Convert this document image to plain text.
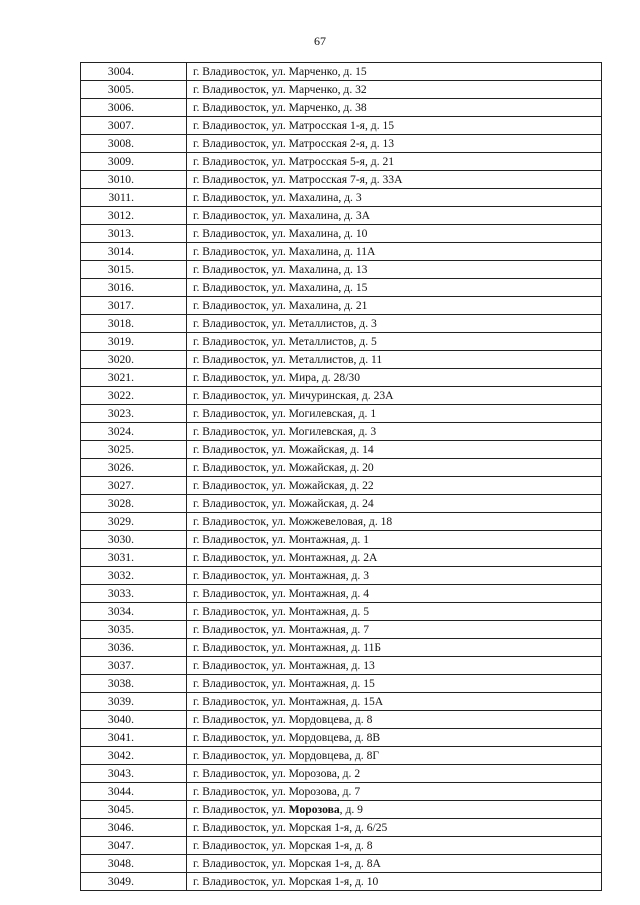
67
3004.	г. Владивосток, ул. Марченко, д. 15
3005.	г. Владивосток, ул. Марченко, д. 32
3006.	г. Владивосток, ул. Марченко, д. 38
3007.	г. Владивосток, ул. Матросская 1-я, д. 15
3008.	г. Владивосток, ул. Матросская 2-я, д. 13
3009.	г. Владивосток, ул. Матросская 5-я, д. 21
3010.	г. Владивосток, ул. Матросская 7-я, д. 33А
3011.	г. Владивосток, ул. Махалина, д. 3
3012.	г. Владивосток, ул. Махалина, д. 3А
3013.	г. Владивосток, ул. Махалина, д. 10
3014.	г. Владивосток, ул. Махалина, д. 11А
3015.	г. Владивосток, ул. Махалина, д. 13
3016.	г. Владивосток, ул. Махалина, д. 15
3017.	г. Владивосток, ул. Махалина, д. 21
3018.	г. Владивосток, ул. Металлистов, д. 3
3019.	г. Владивосток, ул. Металлистов, д. 5
3020.	г. Владивосток, ул. Металлистов, д. 11
3021.	г. Владивосток, ул. Мира, д. 28/30
3022.	г. Владивосток, ул. Мичуринская, д. 23А
3023.	г. Владивосток, ул. Могилевская, д. 1
3024.	г. Владивосток, ул. Могилевская, д. 3
3025.	г. Владивосток, ул. Можайская, д. 14
3026.	г. Владивосток, ул. Можайская, д. 20
3027.	г. Владивосток, ул. Можайская, д. 22
3028.	г. Владивосток, ул. Можайская, д. 24
3029.	г. Владивосток, ул. Можжевеловая, д. 18
3030.	г. Владивосток, ул. Монтажная, д. 1
3031.	г. Владивосток, ул. Монтажная, д. 2А
3032.	г. Владивосток, ул. Монтажная, д. 3
3033.	г. Владивосток, ул. Монтажная, д. 4
3034.	г. Владивосток, ул. Монтажная, д. 5
3035.	г. Владивосток, ул. Монтажная, д. 7
3036.	г. Владивосток, ул. Монтажная, д. 11Б
3037.	г. Владивосток, ул. Монтажная, д. 13
3038.	г. Владивосток, ул. Монтажная, д. 15
3039.	г. Владивосток, ул. Монтажная, д. 15А
3040.	г. Владивосток, ул. Мордовцева, д. 8
3041.	г. Владивосток, ул. Мордовцева, д. 8В
3042.	г. Владивосток, ул. Мордовцева, д. 8Г
3043.	г. Владивосток, ул. Морозова, д. 2
3044.	г. Владивосток, ул. Морозова, д. 7
3045.	г. Владивосток, ул. Морозова, д. 9
3046.	г. Владивосток, ул. Морская 1-я, д. 6/25
3047.	г. Владивосток, ул. Морская 1-я, д. 8
3048.	г. Владивосток, ул. Морская 1-я, д. 8А
3049.	г. Владивосток, ул. Морская 1-я, д. 10
